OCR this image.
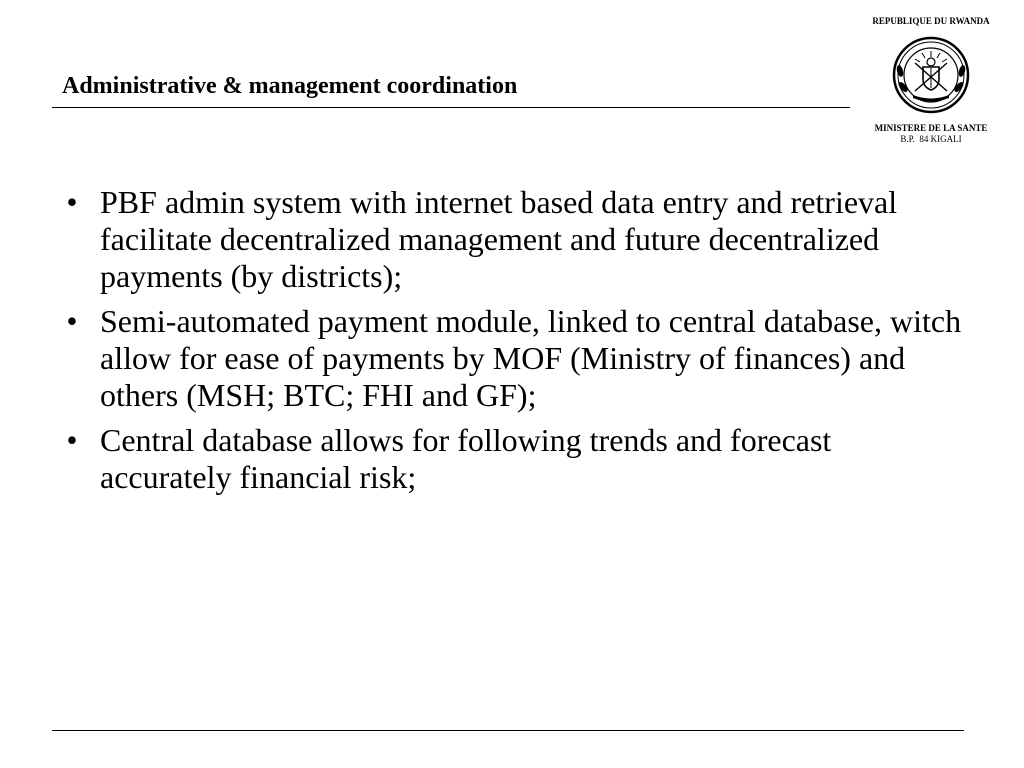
Administrative & management coordination
REPUBLIQUE DU RWANDA
MINISTERE DE LA SANTE
B.P.  84 KIGALI
• PBF admin system with internet based data entry and retrieval facilitate decentralized management and future decentralized payments (by districts);
• Semi-automated payment module, linked to central database, witch allow for ease of payments by MOF (Ministry of finances) and others (MSH; BTC; FHI and GF);
• Central database allows for following trends and forecast accurately financial risk;
